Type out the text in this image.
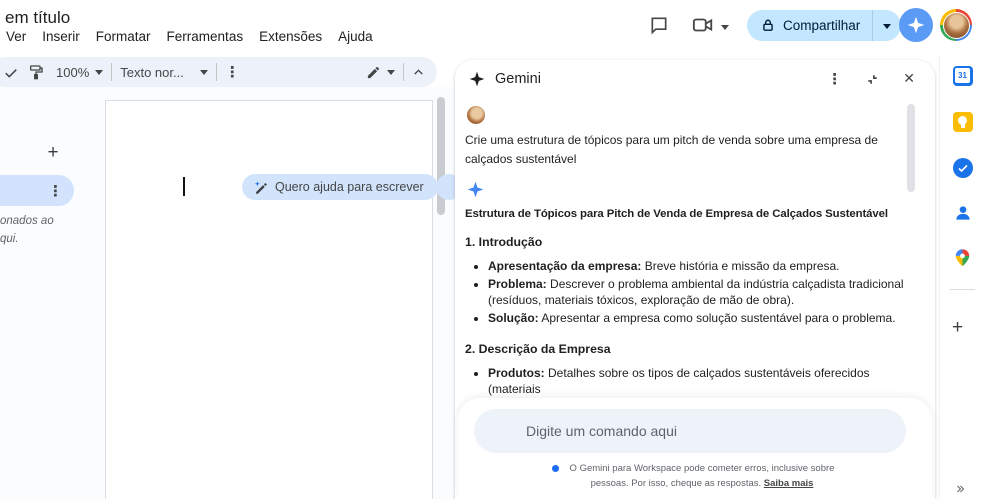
em título
Ver Inserir Formatar Ferramentas Extensões Ajuda
Compartilhar
100% Texto nor...
⋮
Quero ajuda para escrever
+
⋮
onados ao
qui.
Gemini
⋮
✕
Crie uma estrutura de tópicos para um pitch de venda sobre uma empresa de calçados sustentável
Estrutura de Tópicos para Pitch de Venda de Empresa de Calçados Sustentável
1. Introdução
• Apresentação da empresa: Breve história e missão da empresa.
• Problema: Descrever o problema ambiental da indústria calçadista tradicional (resíduos, materiais tóxicos, exploração de mão de obra).
• Solução: Apresentar a empresa como solução sustentável para o problema.
2. Descrição da Empresa
• Produtos: Detalhes sobre os tipos de calçados sustentáveis oferecidos (materiais
Digite um comando aqui
O Gemini para Workspace pode cometer erros, inclusive sobre pessoas. Por isso, cheque as respostas. Saiba mais
31
+
